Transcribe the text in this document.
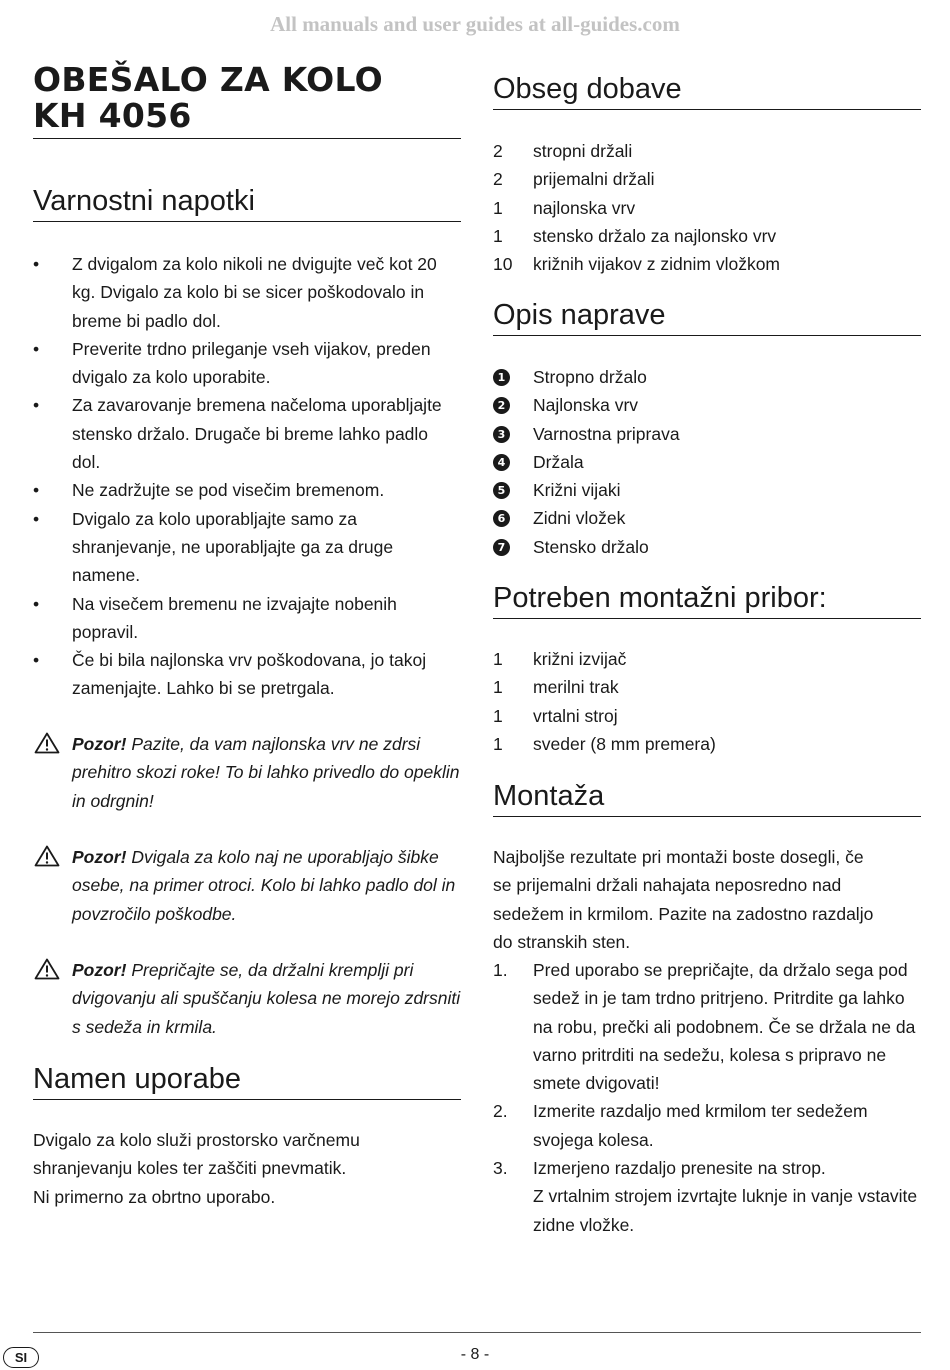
All manuals and user guides at all-guides.com

OBEŠALO ZA KOLO
KH 4056
Varnostni napotki
• Z dvigalom za kolo nikoli ne dvigujte več kot 20 kg. Dvigalo za kolo bi se sicer poškodovalo in breme bi padlo dol.
• Preverite trdno prileganje vseh vijakov, preden dvigalo za kolo uporabite.
• Za zavarovanje bremena načeloma uporabljajte stensko držalo. Drugače bi breme lahko padlo dol.
• Ne zadržujte se pod visečim bremenom.
• Dvigalo za kolo uporabljajte samo za shranjevanje, ne uporabljajte ga za druge namene.
• Na visečem bremenu ne izvajajte nobenih popravil.
• Če bi bila najlonska vrv poškodovana, jo takoj zamenjajte. Lahko bi se pretrgala.
Pozor! Pazite, da vam najlonska vrv ne zdrsi prehitro skozi roke! To bi lahko privedlo do opeklin in odrgnin!
Pozor! Dvigala za kolo naj ne uporabljajo šibke osebe, na primer otroci. Kolo bi lahko padlo dol in povzročilo poškodbe.
Pozor! Prepričajte se, da držalni kremplji pri dvigovanju ali spuščanju kolesa ne morejo zdrsniti s sedeža in krmila.
Namen uporabe
Dvigalo za kolo služi prostorsko varčnemu
shranjevanju koles ter zaščiti pnevmatik.
Ni primerno za obrtno uporabo.
Obseg dobave
2 stropni držali
2 prijemalni držali
1 najlonska vrv
1 stensko držalo za najlonsko vrv
10 križnih vijakov z zidnim vložkom
Opis naprave
1 Stropno držalo
2 Najlonska vrv
3 Varnostna priprava
4 Držala
5 Križni vijaki
6 Zidni vložek
7 Stensko držalo
Potreben montažni pribor:
1 križni izvijač
1 merilni trak
1 vrtalni stroj
1 sveder (8 mm premera)
Montaža
Najboljše rezultate pri montaži boste dosegli, če
se prijemalni držali nahajata neposredno nad
sedežem in krmilom. Pazite na zadostno razdaljo
do stranskih sten.
1. Pred uporabo se prepričajte, da držalo sega pod sedež in je tam trdno pritrjeno. Pritrdite ga lahko na robu, prečki ali podobnem. Če se držala ne da varno pritrditi na sedežu, kolesa s pripravo ne smete dvigovati!
2. Izmerite razdaljo med krmilom ter sedežem svojega kolesa.
3. Izmerjeno razdaljo prenesite na strop.
Z vrtalnim strojem izvrtajte luknje in vanje vstavite zidne vložke.
SI	- 8 -
